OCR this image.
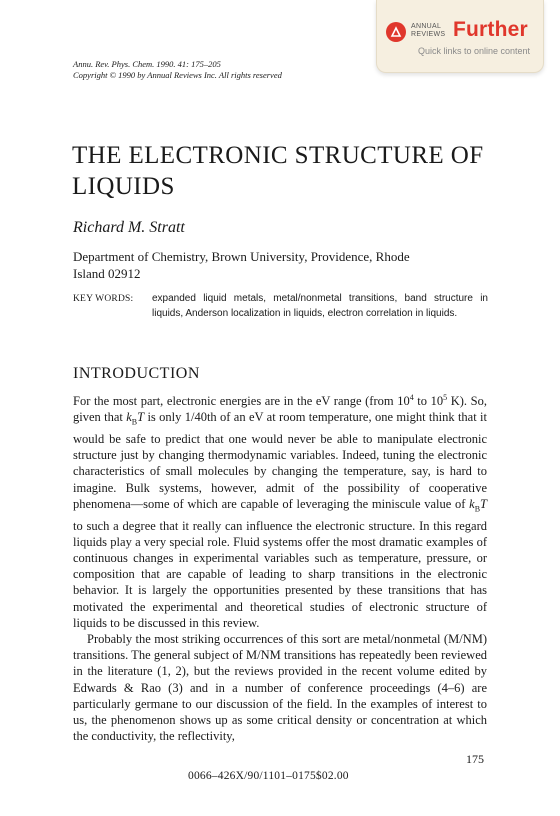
ANNUAL
REVIEWS Further
Quick links to online content
Annu. Rev. Phys. Chem. 1990. 41: 175–205
Copyright © 1990 by Annual Reviews Inc. All rights reserved
THE ELECTRONIC STRUCTURE OF LIQUIDS
Richard M. Stratt
Department of Chemistry, Brown University, Providence, Rhode Island 02912
KEY WORDS: expanded liquid metals, metal/nonmetal transitions, band structure in liquids, Anderson localization in liquids, electron correlation in liquids.
INTRODUCTION

For the most part, electronic energies are in the eV range (from $10^4$ to $10^5$ K). So, given that $k_BT$ is only 1/40th of an eV at room temperature, one might think that it would be safe to predict that one would never be able to manipulate electronic structure just by changing thermodynamic variables. Indeed, tuning the electronic characteristics of small molecules by changing the temperature, say, is hard to imagine. Bulk systems, however, admit of the possibility of cooperative phenomena—some of which are capable of leveraging the miniscule value of $k_BT$ to such a degree that it really can influence the electronic structure. In this regard liquids play a very special role. Fluid systems offer the most dramatic examples of continuous changes in experimental variables such as temperature, pressure, or composition that are capable of leading to sharp transitions in the electronic behavior. It is largely the opportunities presented by these transitions that has motivated the experimental and theoretical studies of electronic structure of liquids to be discussed in this review.

Probably the most striking occurrences of this sort are metal/nonmetal (M/NM) transitions. The general subject of M/NM transitions has repeatedly been reviewed in the literature (1, 2), but the reviews provided in the recent volume edited by Edwards & Rao (3) and in a number of conference proceedings (4–6) are particularly germane to our discussion of the field. In the examples of interest to us, the phenomenon shows up as some critical density or concentration at which the conductivity, the reflectivity,

175
0066–426X/90/1101–0175$02.00
